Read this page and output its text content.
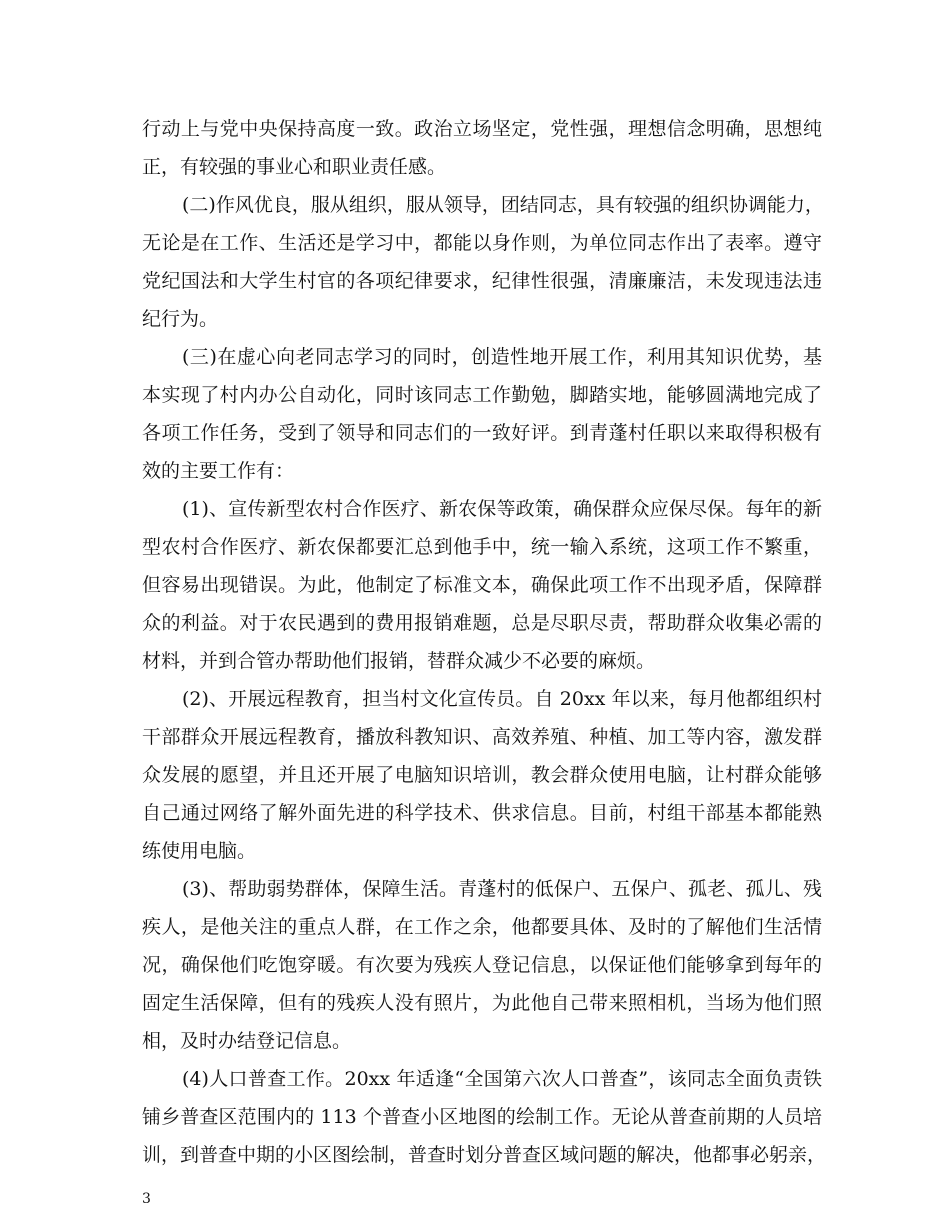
行动上与党中央保持高度一致。政治立场坚定，党性强，理想信念明确，思想纯
正，有较强的事业心和职业责任感。
(二)作风优良，服从组织，服从领导，团结同志，具有较强的组织协调能力，
无论是在工作、生活还是学习中，都能以身作则，为单位同志作出了表率。遵守
党纪国法和大学生村官的各项纪律要求，纪律性很强，清廉廉洁，未发现违法违
纪行为。
(三)在虚心向老同志学习的同时，创造性地开展工作，利用其知识优势，基
本实现了村内办公自动化，同时该同志工作勤勉，脚踏实地，能够圆满地完成了
各项工作任务，受到了领导和同志们的一致好评。到青蓬村任职以来取得积极有
效的主要工作有：
(1)、宣传新型农村合作医疗、新农保等政策，确保群众应保尽保。每年的新
型农村合作医疗、新农保都要汇总到他手中，统一输入系统，这项工作不繁重，
但容易出现错误。为此，他制定了标准文本，确保此项工作不出现矛盾，保障群
众的利益。对于农民遇到的费用报销难题，总是尽职尽责，帮助群众收集必需的
材料，并到合管办帮助他们报销，替群众减少不必要的麻烦。
(2)、开展远程教育，担当村文化宣传员。自 20xx 年以来，每月他都组织村
干部群众开展远程教育，播放科教知识、高效养殖、种植、加工等内容，激发群
众发展的愿望，并且还开展了电脑知识培训，教会群众使用电脑，让村群众能够
自己通过网络了解外面先进的科学技术、供求信息。目前，村组干部基本都能熟
练使用电脑。
(3)、帮助弱势群体，保障生活。青蓬村的低保户、五保户、孤老、孤儿、残
疾人，是他关注的重点人群，在工作之余，他都要具体、及时的了解他们生活情
况，确保他们吃饱穿暖。有次要为残疾人登记信息，以保证他们能够拿到每年的
固定生活保障，但有的残疾人没有照片，为此他自己带来照相机，当场为他们照
相，及时办结登记信息。
(4)人口普查工作。20xx 年适逢“全国第六次人口普查”，该同志全面负责铁
铺乡普查区范围内的 113 个普查小区地图的绘制工作。无论从普查前期的人员培
训，到普查中期的小区图绘制，普查时划分普查区域问题的解决，他都事必躬亲，
3
